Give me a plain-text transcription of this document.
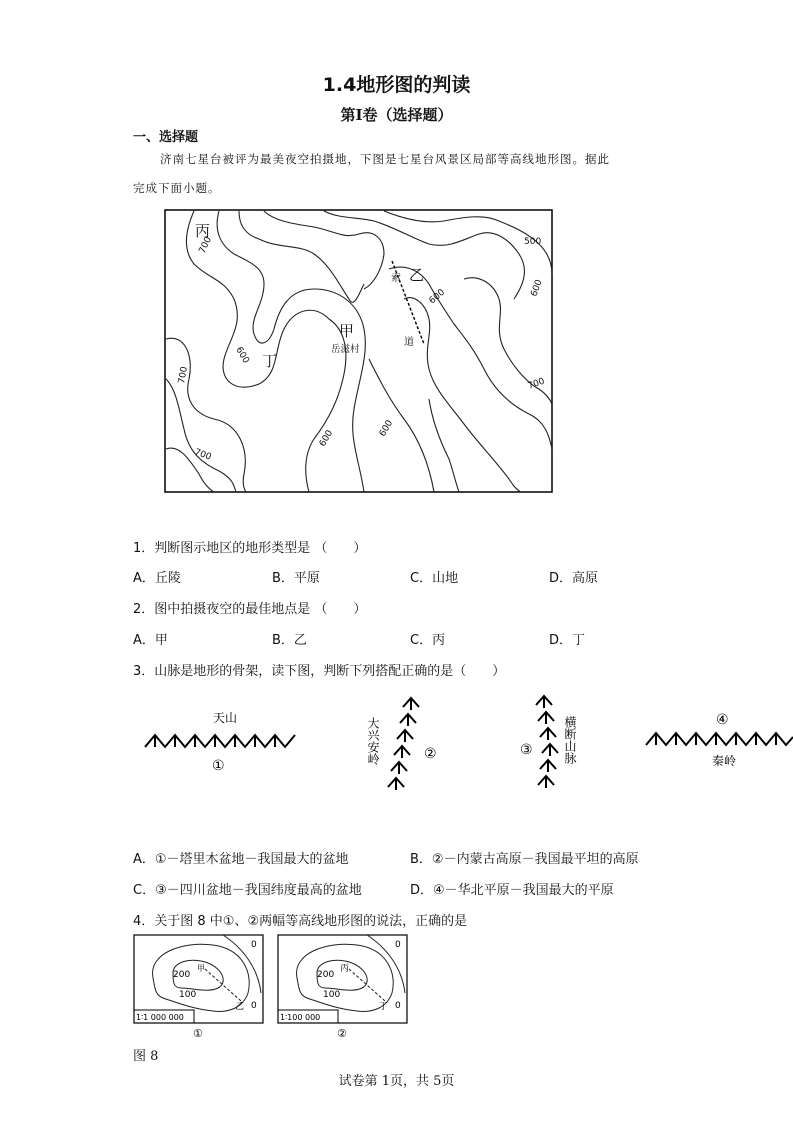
1.4地形图的判读
第Ⅰ卷（选择题）
一、选择题
济南七星台被评为最美夜空拍摄地，下图是七星台风景区局部等高线地形图。据此
完成下面小题。
700	500
600	600
600
700	700
600
600
700
丙
乙
甲
丁
岳滋村
索
道
1．判断图示地区的地形类型是 （　　）
A．丘陵	B．平原	C．山地	D．高原
2．图中拍摄夜空的最佳地点是 （　　）
A．甲	B．乙	C．丙	D．丁
3．山脉是地形的骨架，读下图，判断下列搭配正确的是（　　）
天山
①
大兴安岭	②	横断山脉
③
④
秦岭
A．①－塔里木盆地－我国最大的盆地	B．②－内蒙古高原－我国最平坦的高原
C．③－四川盆地－我国纬度最高的盆地	D．④－华北平原－我国最大的平原
4．关于图 8 中①、②两幅等高线地形图的说法，正确的是
200
100
0
0
甲
乙
1∶1 000 000
①
200
100
0
0
丙
丁
1∶100 000
②
图 8
试卷第 1页，共 5页
